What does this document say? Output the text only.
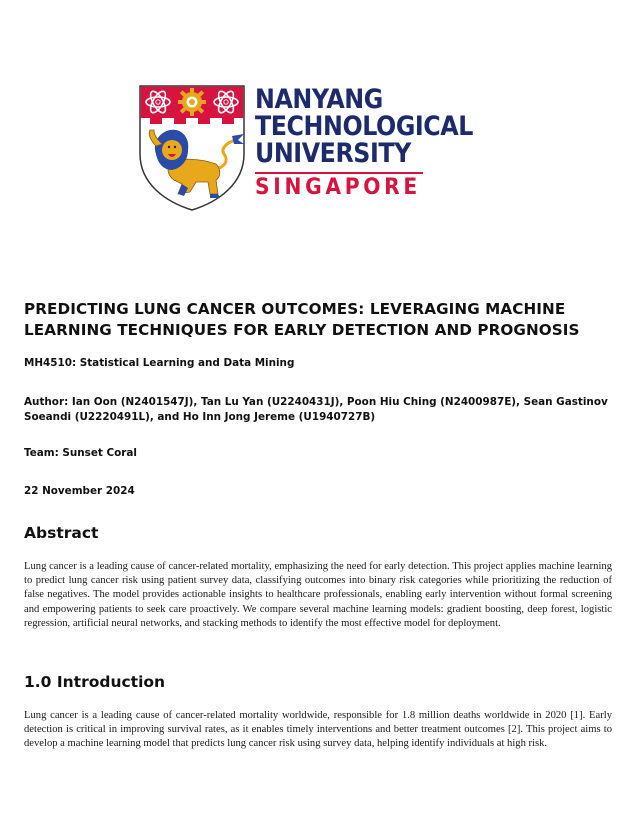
NANYANG
TECHNOLOGICAL
UNIVERSITY
SINGAPORE
PREDICTING LUNG CANCER OUTCOMES: LEVERAGING MACHINE LEARNING TECHNIQUES FOR EARLY DETECTION AND PROGNOSIS
MH4510: Statistical Learning and Data Mining
Author: Ian Oon (N2401547J), Tan Lu Yan (U2240431J), Poon Hiu Ching (N2400987E), Sean Gastinov Soeandi (U2220491L), and Ho Inn Jong Jereme (U1940727B)
Team: Sunset Coral
22 November 2024
Abstract
Lung cancer is a leading cause of cancer-related mortality, emphasizing the need for early detection. This project applies machine learning to predict lung cancer risk using patient survey data, classifying outcomes into binary risk categories while prioritizing the reduction of false negatives. The model provides actionable insights to healthcare professionals, enabling early intervention without formal screening and empowering patients to seek care proactively. We compare several machine learning models: gradient boosting, deep forest, logistic regression, artificial neural networks, and stacking methods to identify the most effective model for deployment.
1.0 Introduction
Lung cancer is a leading cause of cancer-related mortality worldwide, responsible for 1.8 million deaths worldwide in 2020 [1]. Early detection is critical in improving survival rates, as it enables timely interventions and better treatment outcomes [2]. This project aims to develop a machine learning model that predicts lung cancer risk using survey data, helping identify individuals at high risk.
